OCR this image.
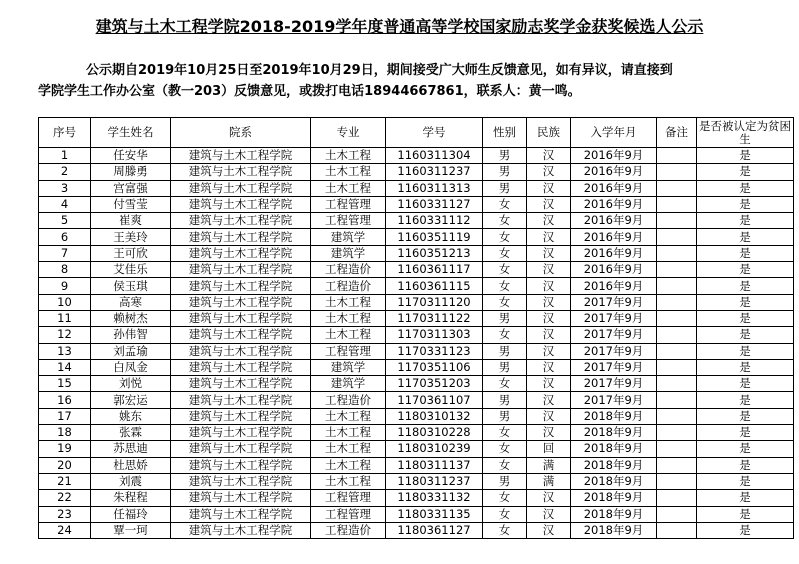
建筑与土木工程学院2018-2019学年度普通高等学校国家励志奖学金获奖候选人公示
公示期自2019年10月25日至2019年10月29日，期间接受广大师生反馈意见，如有异议，请直接到
学院学生工作办公室（教一203）反馈意见，或拨打电话18944667861，联系人：黄一鸣。
序号	学生姓名	院系	专业	学号	性别	民族	入学年月	备注	是否被认定为贫困生
1	任安华	建筑与土木工程学院	土木工程	1160311304	男	汉	2016年9月		是
2	周滕勇	建筑与土木工程学院	土木工程	1160311237	男	汉	2016年9月		是
3	宫富强	建筑与土木工程学院	土木工程	1160311313	男	汉	2016年9月		是
4	付雪莹	建筑与土木工程学院	工程管理	1160331127	女	汉	2016年9月		是
5	崔爽	建筑与土木工程学院	工程管理	1160331112	女	汉	2016年9月		是
6	王美玲	建筑与土木工程学院	建筑学	1160351119	女	汉	2016年9月		是
7	王可欣	建筑与土木工程学院	建筑学	1160351213	女	汉	2016年9月		是
8	艾佳乐	建筑与土木工程学院	工程造价	1160361117	女	汉	2016年9月		是
9	侯玉琪	建筑与土木工程学院	工程造价	1160361115	女	汉	2016年9月		是
10	高寒	建筑与土木工程学院	土木工程	1170311120	女	汉	2017年9月		是
11	赖树杰	建筑与土木工程学院	土木工程	1170311122	男	汉	2017年9月		是
12	孙伟智	建筑与土木工程学院	土木工程	1170311303	女	汉	2017年9月		是
13	刘孟瑜	建筑与土木工程学院	工程管理	1170331123	男	汉	2017年9月		是
14	白凤金	建筑与土木工程学院	建筑学	1170351106	男	汉	2017年9月		是
15	刘悦	建筑与土木工程学院	建筑学	1170351203	女	汉	2017年9月		是
16	郭宏运	建筑与土木工程学院	工程造价	1170361107	男	汉	2017年9月		是
17	姚东	建筑与土木工程学院	土木工程	1180310132	男	汉	2018年9月		是
18	张霖	建筑与土木工程学院	土木工程	1180310228	女	汉	2018年9月		是
19	苏思迪	建筑与土木工程学院	土木工程	1180310239	女	回	2018年9月		是
20	杜思娇	建筑与土木工程学院	土木工程	1180311137	女	满	2018年9月		是
21	刘震	建筑与土木工程学院	土木工程	1180311237	男	满	2018年9月		是
22	朱程程	建筑与土木工程学院	工程管理	1180331132	女	汉	2018年9月		是
23	任福玲	建筑与土木工程学院	工程管理	1180331135	女	汉	2018年9月		是
24	覃一珂	建筑与土木工程学院	工程造价	1180361127	女	汉	2018年9月		是
